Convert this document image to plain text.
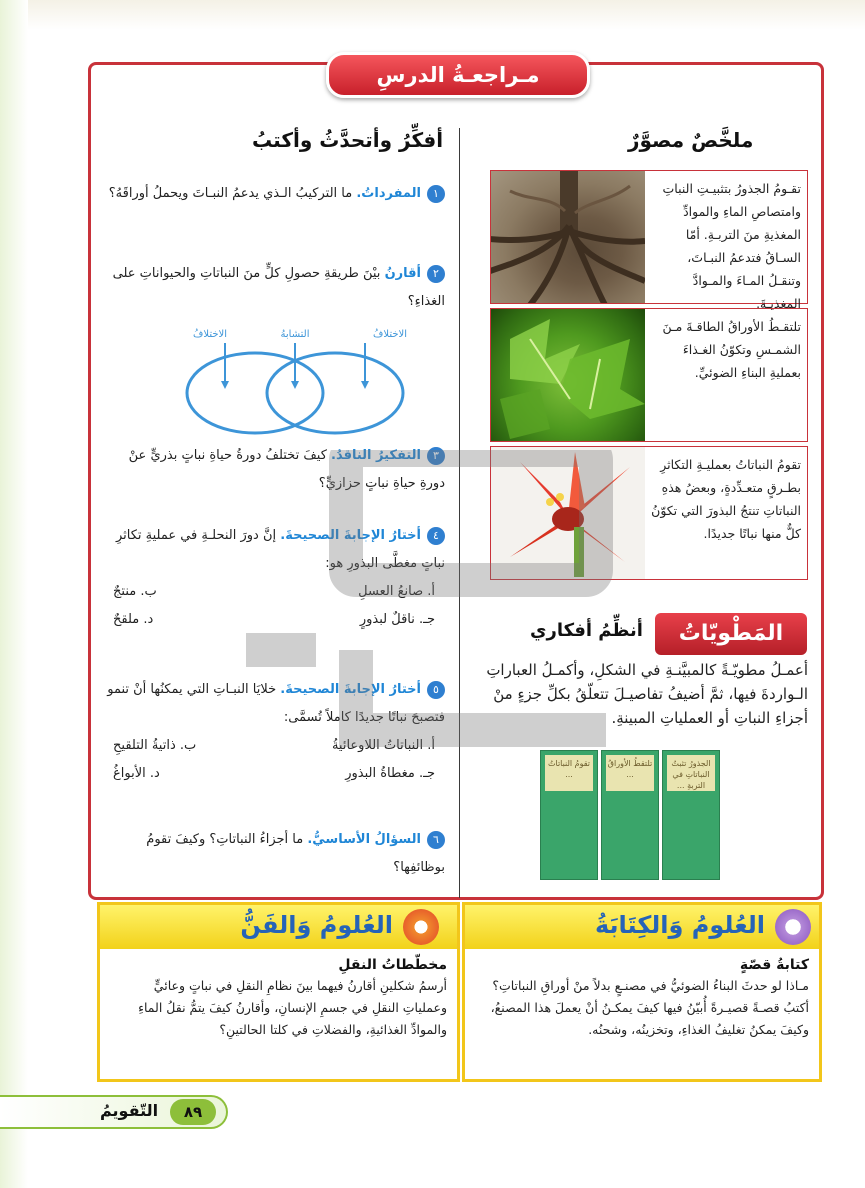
مـراجعـةُ الدرسِ
ملخَّصٌ مصوَّرٌ
تقـومُ الجذورُ بتثبيـتِ النباتِ وامتصاصِ الماءِ والموادِّ المغذيةِ منَ التربـةِ. أمّا السـاقُ فتدعمُ النبـاتَ، وتنقـلُ المـاءَ والمـوادَّ المغذيـةَ.
تلتقـطُ الأوراقُ الطاقـةَ مـنَ الشمـسِ وتكوّنُ الغـذاءَ بعمليةِ البناءِ الضوئيِّ.
تقومُ النباتاتُ بعمليـةِ التكاثرِ بطـرقٍ متعـدِّدةٍ، وبعضُ هذهِ النباتاتِ تنتجُ البذورَ التي تكوّنُ كلٌّ منها نباتًا جديدًا.
المَطْويّاتُ
أنظِّمُ أفكاري
أعمـلُ مطويّـةً كالمبيَّنـةِ في الشكلِ، وأكمـلُ العباراتِ الـواردةَ فيها، ثمَّ أضيفُ تفاصيـلَ تتعلّقُ بكلِّ جزءٍ منْ أجزاءِ النباتِ أو العملياتِ المبينةِ.
الجذورُ تثبتُ النباتاتِ في التربةِ ...
تلتقطُ الأوراقُ ...
تقومُ النباتاتُ ...
أفكِّرُ وأتحدَّثُ وأكتبُ
١المفرداتُ. ما التركيبُ الـذي يدعمُ النبـاتَ ويحملُ أوراقَهُ؟
٢أقارنُ بيْنَ طريقةِ حصولِ كلٍّ منَ النباتاتِ والحيواناتِ على الغذاءِ؟
الاختلافُ
التشابهُ
الاختلافُ
٣التفكيرُ الناقدُ. كيفَ تختلفُ دورةُ حياةِ نباتٍ بذريٍّ عنْ دورةِ حياةِ نباتٍ حزازيٍّ؟
٤أختارُ الإجابةَ الصحيحةَ. إنَّ دورَ النحلـةِ في عمليةِ تكاثرِ نباتٍ مغطَّى البذورِ هو:
أ. صانعُ العسلِ
ب. منتجٌ
جـ. ناقلٌ لبذورٍ
د. ملقحٌ
٥أختارُ الإجابةَ الصحيحةَ. خلايَا النبـاتِ التي يمكنُها أنْ تنمو فتصبحَ نباتًا جديدًا كاملاً تُسمَّى:
أ. النباتاتُ اللاوعائيةُ
ب. ذاتيةُ التلقيحِ
جـ. مغطاةُ البذورِ
د. الأبواغُ
٦السؤالُ الأساسيُّ. ما أجزاءُ النباتاتِ؟ وكيفَ تقومُ بوظائفِها؟
العُلومُ وَالكِتَابَةُ
كتابةُ قصّةٍ
مـاذا لو حدثَ البناءُ الضوئيُّ في مصنـعٍ بدلاً منْ أوراقِ النباتاتِ؟ أكتبُ قصـةً قصيـرةً أُبيّنُ فيها كيفَ يمكـنُ أنْ يعملَ هذا المصنعُ، وكيفَ يمكنُ تغليفُ الغذاءِ، وتخزينُه، وشحنُه.
العُلومُ وَالفَنُّ
مخطّطاتُ النقلِ
أرسمُ شكلينِ أقارنُ فيهما بينَ نظامِ النقلِ في نباتٍ وعائيٍّ وعملياتِ النقلِ في جسمِ الإنسانِ، وأقارنُ كيفَ يتمُّ نقلُ الماءِ والموادِّ الغذائيةِ، والفضلاتِ في كلتا الحالتينِ؟
٨٩
التّقويمُ
